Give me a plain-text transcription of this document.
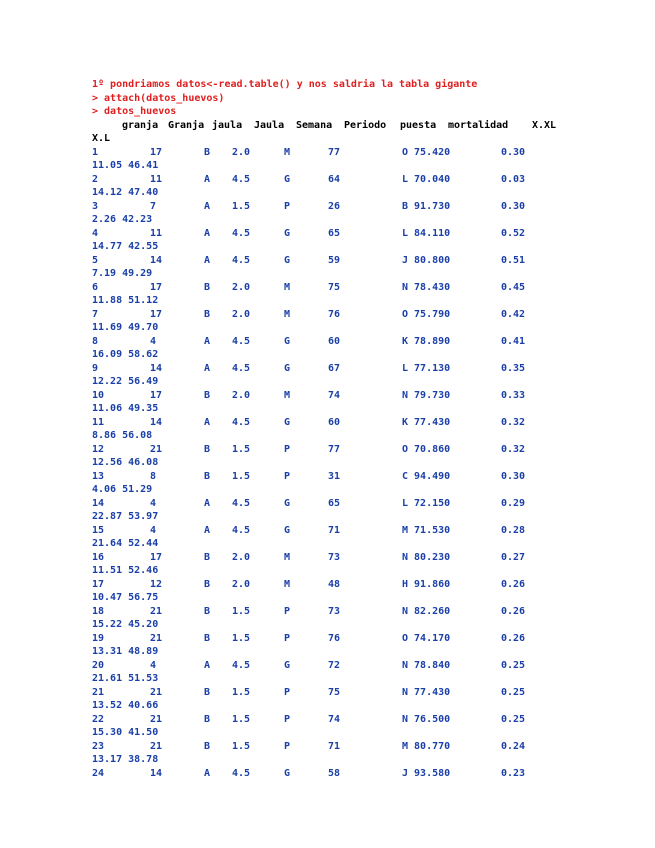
1º pondriamos datos<-read.table() y nos saldria la tabla gigante
> attach(datos_huevos)
> datos_huevos
granja Granja jaula Jaula Semana Periodo puesta mortalidad X.XL
X.L
1	17	B 2.0	M	77	O 75.420	0.30
11.05 46.41
2	11	A 4.5	G	64	L 70.040	0.03
14.12 47.40
3	7	A 1.5	P	26	B 91.730	0.30
2.26 42.23
4	11	A 4.5	G	65	L 84.110	0.52
14.77 42.55
5	14	A 4.5	G	59	J 80.800	0.51
7.19 49.29
6	17	B 2.0	M	75	N 78.430	0.45
11.88 51.12
7	17	B 2.0	M	76	O 75.790	0.42
11.69 49.70
8	4	A 4.5	G	60	K 78.890	0.41
16.09 58.62
9	14	A 4.5	G	67	L 77.130	0.35
12.22 56.49
10	17	B 2.0	M	74	N 79.730	0.33
11.06 49.35
11	14	A 4.5	G	60	K 77.430	0.32
8.86 56.08
12	21	B 1.5	P	77	O 70.860	0.32
12.56 46.08
13	8	B 1.5	P	31	C 94.490	0.30
4.06 51.29
14	4	A 4.5	G	65	L 72.150	0.29
22.87 53.97
15	4	A 4.5	G	71	M 71.530	0.28
21.64 52.44
16	17	B 2.0	M	73	N 80.230	0.27
11.51 52.46
17	12	B 2.0	M	48	H 91.860	0.26
10.47 56.75
18	21	B 1.5	P	73	N 82.260	0.26
15.22 45.20
19	21	B 1.5	P	76	O 74.170	0.26
13.31 48.89
20	4	A 4.5	G	72	N 78.840	0.25
21.61 51.53
21	21	B 1.5	P	75	N 77.430	0.25
13.52 40.66
22	21	B 1.5	P	74	N 76.500	0.25
15.30 41.50
23	21	B 1.5	P	71	M 80.770	0.24
13.17 38.78
24	14	A 4.5	G	58	J 93.580	0.23
